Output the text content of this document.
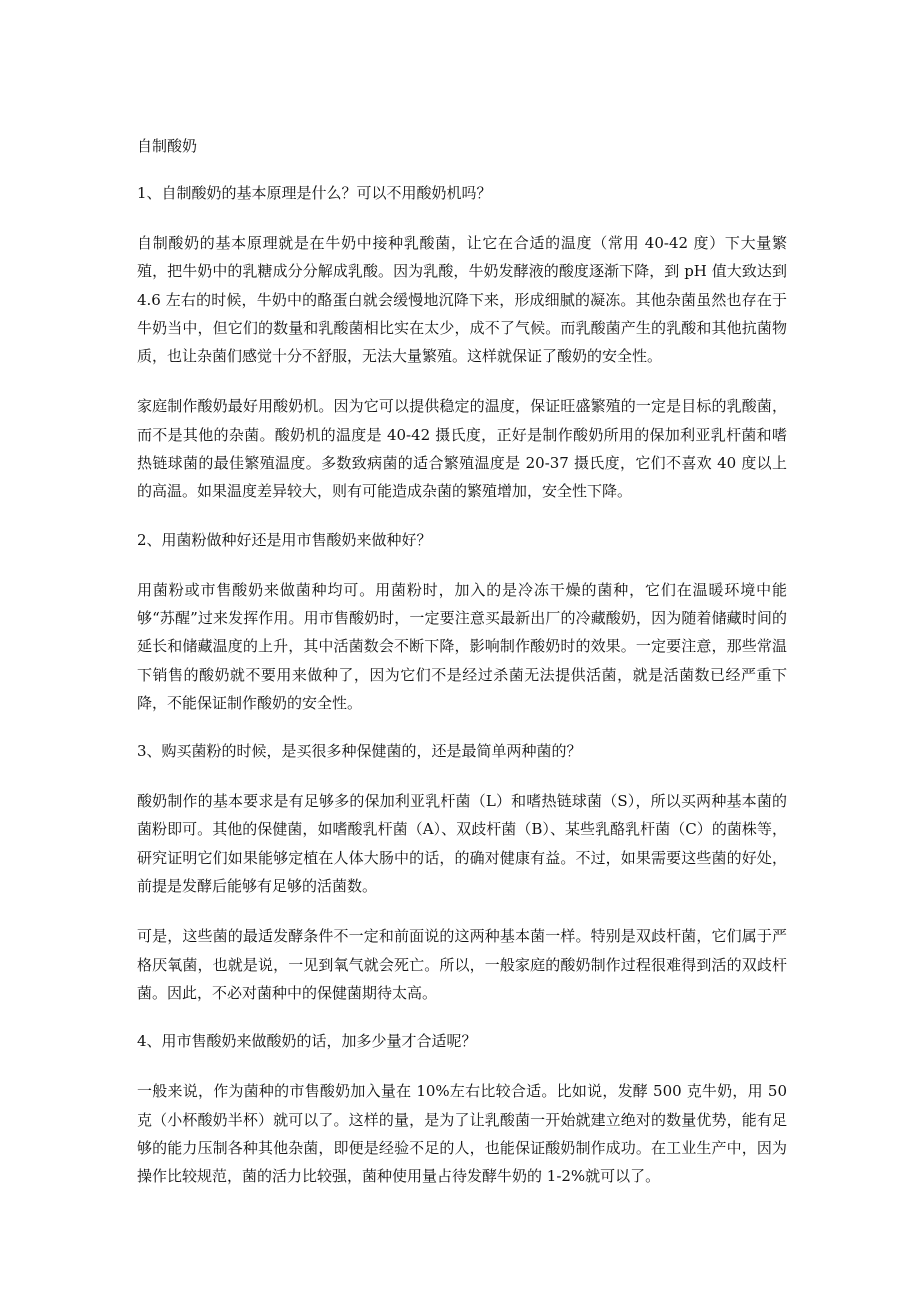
自制酸奶
1、自制酸奶的基本原理是什么？可以不用酸奶机吗？
自制酸奶的基本原理就是在牛奶中接种乳酸菌，让它在合适的温度（常用 40-42 度）下大量繁殖，把牛奶中的乳糖成分分解成乳酸。因为乳酸，牛奶发酵液的酸度逐渐下降，到 pH 值大致达到 4.6 左右的时候，牛奶中的酪蛋白就会缓慢地沉降下来，形成细腻的凝冻。其他杂菌虽然也存在于牛奶当中，但它们的数量和乳酸菌相比实在太少，成不了气候。而乳酸菌产生的乳酸和其他抗菌物质，也让杂菌们感觉十分不舒服，无法大量繁殖。这样就保证了酸奶的安全性。
家庭制作酸奶最好用酸奶机。因为它可以提供稳定的温度，保证旺盛繁殖的一定是目标的乳酸菌，而不是其他的杂菌。酸奶机的温度是 40-42 摄氏度，正好是制作酸奶所用的保加利亚乳杆菌和嗜热链球菌的最佳繁殖温度。多数致病菌的适合繁殖温度是 20-37 摄氏度，它们不喜欢 40 度以上的高温。如果温度差异较大，则有可能造成杂菌的繁殖增加，安全性下降。
2、用菌粉做种好还是用市售酸奶来做种好？
用菌粉或市售酸奶来做菌种均可。用菌粉时，加入的是冷冻干燥的菌种，它们在温暖环境中能够“苏醒”过来发挥作用。用市售酸奶时，一定要注意买最新出厂的冷藏酸奶，因为随着储藏时间的延长和储藏温度的上升，其中活菌数会不断下降，影响制作酸奶时的效果。一定要注意，那些常温下销售的酸奶就不要用来做种了，因为它们不是经过杀菌无法提供活菌，就是活菌数已经严重下降，不能保证制作酸奶的安全性。
3、购买菌粉的时候，是买很多种保健菌的，还是最简单两种菌的？
酸奶制作的基本要求是有足够多的保加利亚乳杆菌（L）和嗜热链球菌（S），所以买两种基本菌的菌粉即可。其他的保健菌，如嗜酸乳杆菌（A）、双歧杆菌（B）、某些乳酪乳杆菌（C）的菌株等，研究证明它们如果能够定植在人体大肠中的话，的确对健康有益。不过，如果需要这些菌的好处，前提是发酵后能够有足够的活菌数。
可是，这些菌的最适发酵条件不一定和前面说的这两种基本菌一样。特别是双歧杆菌，它们属于严格厌氧菌，也就是说，一见到氧气就会死亡。所以，一般家庭的酸奶制作过程很难得到活的双歧杆菌。因此，不必对菌种中的保健菌期待太高。
4、用市售酸奶来做酸奶的话，加多少量才合适呢？
一般来说，作为菌种的市售酸奶加入量在 10%左右比较合适。比如说，发酵 500 克牛奶，用 50 克（小杯酸奶半杯）就可以了。这样的量，是为了让乳酸菌一开始就建立绝对的数量优势，能有足够的能力压制各种其他杂菌，即便是经验不足的人，也能保证酸奶制作成功。在工业生产中，因为操作比较规范，菌的活力比较强，菌种使用量占待发酵牛奶的 1-2%就可以了。
